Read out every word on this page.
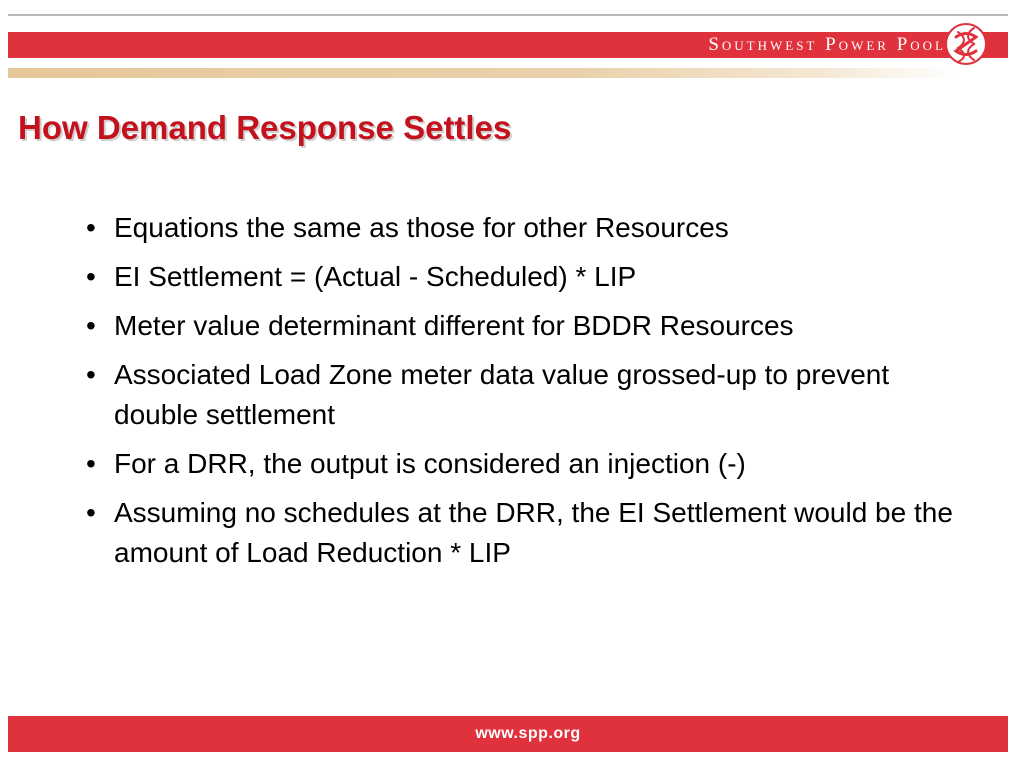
Southwest Power Pool
How Demand Response Settles
• Equations the same as those for other Resources
• EI Settlement = (Actual - Scheduled) * LIP
• Meter value determinant different for BDDR Resources
• Associated Load Zone meter data value grossed-up to prevent double settlement
• For a DRR, the output is considered an injection (-)
• Assuming no schedules at the DRR, the EI Settlement would be the amount of Load Reduction * LIP
www.spp.org
